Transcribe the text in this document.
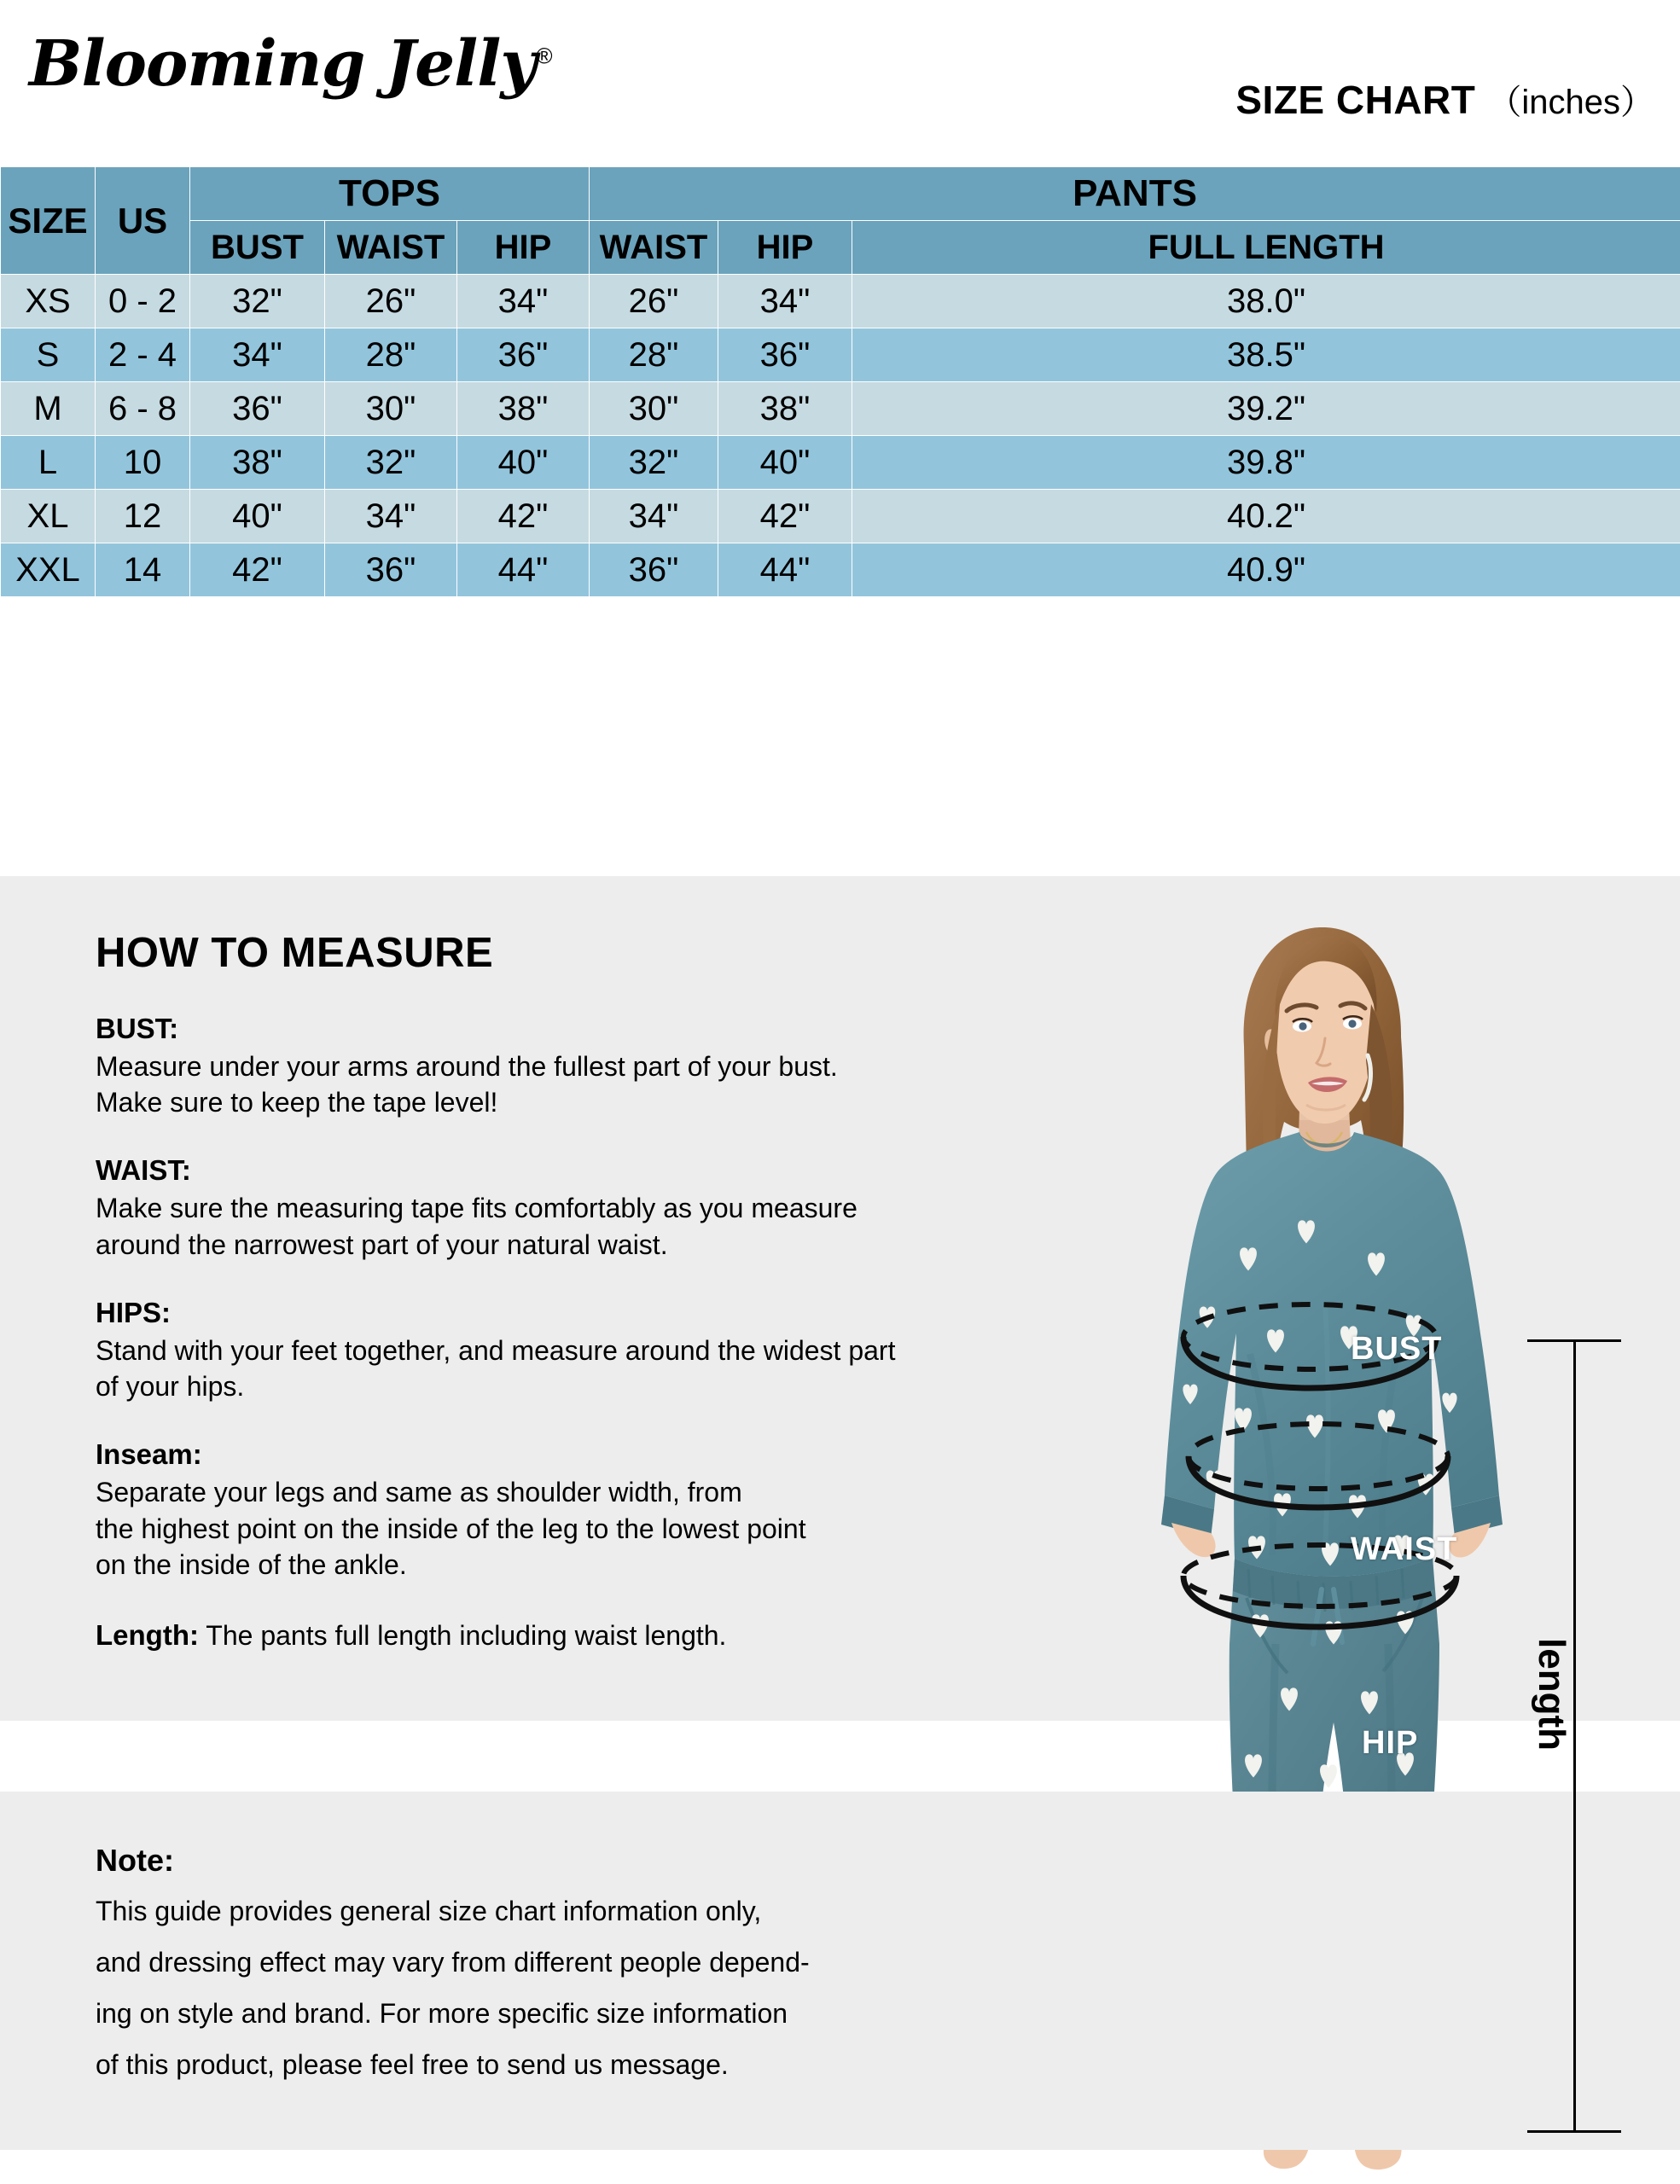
Blooming Jelly®
SIZE CHART （inches）
SIZE	US	TOPS			PANTS		
		BUST	WAIST	HIP	WAIST	HIP	FULL LENGTH
XS	0 - 2	32"	26"	34"	26"	34"	38.0"
S	2 - 4	34"	28"	36"	28"	36"	38.5"
M	6 - 8	36"	30"	38"	30"	38"	39.2"
L	10	38"	32"	40"	32"	40"	39.8"
XL	12	40"	34"	42"	34"	42"	40.2"
XXL	14	42"	36"	44"	36"	44"	40.9"
HOW TO MEASURE
BUST:
Measure under your arms around the fullest part of your bust.
Make sure to keep the tape level!
WAIST:
Make sure the measuring tape fits comfortably as you measure
around the narrowest part of your natural waist.
HIPS:
Stand with your feet together, and measure around the widest part
of your hips.
Inseam:
Separate your legs and same as shoulder width, from
the highest point on the inside of the leg to the lowest point
on the inside of the ankle.
Length: The pants full length including waist length.
BUST
WAIST
HIP	length
Note:
This guide provides general size chart information only,
and dressing effect may vary from different people depend-
ing on style and brand. For more specific size information
of this product, please feel free to send us message.
